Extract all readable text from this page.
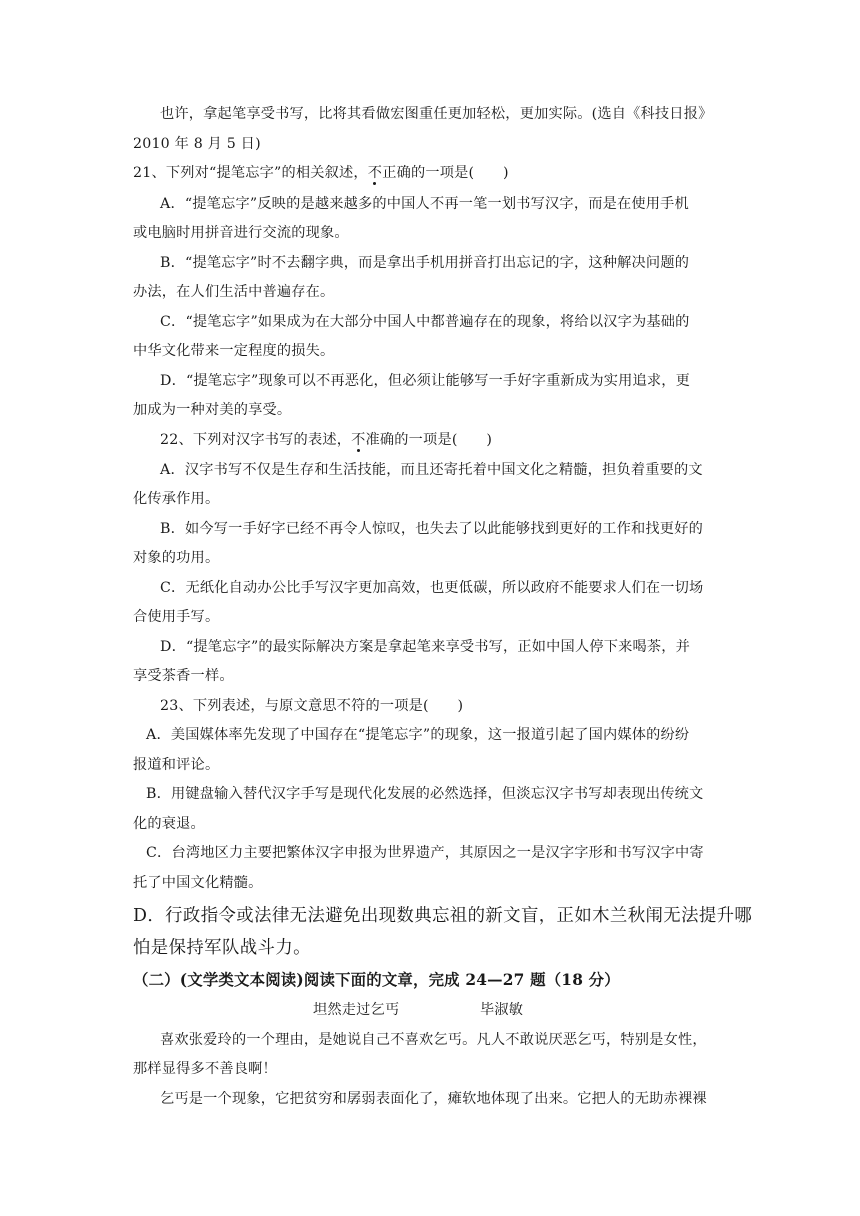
也许，拿起笔享受书写，比将其看做宏图重任更加轻松，更加实际。(选自《科技日报》
2010 年 8 月 5 日)
21、下列对“提笔忘字”的相关叙述，不正确的一项是(　　)
A．“提笔忘字”反映的是越来越多的中国人不再一笔一划书写汉字，而是在使用手机
或电脑时用拼音进行交流的现象。
B．“提笔忘字”时不去翻字典，而是拿出手机用拼音打出忘记的字，这种解决问题的
办法，在人们生活中普遍存在。
C．“提笔忘字”如果成为在大部分中国人中都普遍存在的现象，将给以汉字为基础的
中华文化带来一定程度的损失。
D．“提笔忘字”现象可以不再恶化，但必须让能够写一手好字重新成为实用追求，更
加成为一种对美的享受。
22、下列对汉字书写的表述，不准确的一项是(　　)
A．汉字书写不仅是生存和生活技能，而且还寄托着中国文化之精髓，担负着重要的文
化传承作用。
B．如今写一手好字已经不再令人惊叹，也失去了以此能够找到更好的工作和找更好的
对象的功用。
C．无纸化自动办公比手写汉字更加高效，也更低碳，所以政府不能要求人们在一切场
合使用手写。
D．“提笔忘字”的最实际解决方案是拿起笔来享受书写，正如中国人停下来喝茶，并
享受茶香一样。
23、下列表述，与原文意思不符的一项是(　　)
A．美国媒体率先发现了中国存在“提笔忘字”的现象，这一报道引起了国内媒体的纷纷
报道和评论。
B．用键盘输入替代汉字手写是现代化发展的必然选择，但淡忘汉字书写却表现出传统文
化的衰退。
C．台湾地区力主要把繁体汉字申报为世界遗产，其原因之一是汉字字形和书写汉字中寄
托了中国文化精髓。
D．行政指令或法律无法避免出现数典忘祖的新文盲，正如木兰秋闱无法提升哪
怕是保持军队战斗力。
（二）(文学类文本阅读)阅读下面的文章，完成 24—27 题（18 分）
坦然走过乞丐	毕淑敏
喜欢张爱玲的一个理由，是她说自己不喜欢乞丐。凡人不敢说厌恶乞丐，特别是女性，
那样显得多不善良啊！
乞丐是一个现象，它把贫穷和孱弱表面化了，瘫软地体现了出来。它把人的无助赤裸裸
